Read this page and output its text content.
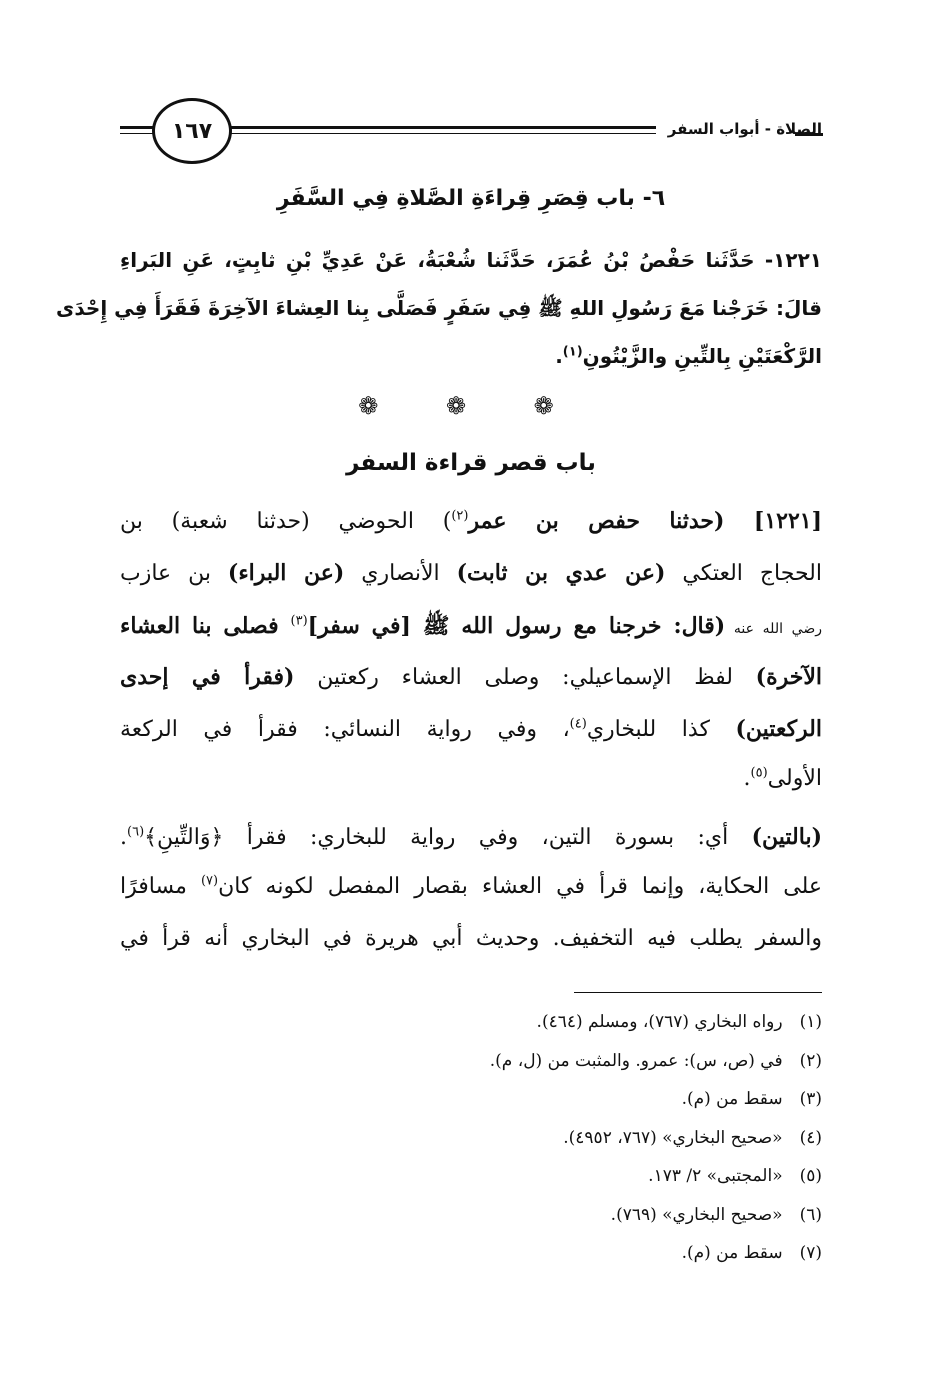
الصلاة - أبواب السفر
١٦٧
٦- باب قِصَرِ قِراءَةِ الصَّلاةِ فِي السَّفَرِ
١٢٢١- حَدَّثَنا حَفْصُ بْنُ عُمَرَ، حَدَّثَنا شُعْبَةُ، عَنْ عَدِيِّ بْنِ ثابِتٍ، عَنِ البَراءِ
قالَ: خَرَجْنا مَعَ رَسُولِ اللهِ ﷺ فِي سَفَرٍ فَصَلَّى بِنا العِشاءَ الآخِرَةَ فَقَرَأَ فِي إِحْدَى
الرَّكْعَتَيْنِ بِالتِّينِ والزَّيْتُونِ$^{(١)}$.
❁ ❁ ❁
باب قصر قراءة السفر
[١٢٢١] (حدثنا حفص بن عمر$^{(٢)}$) الحوضي (حدثنا شعبة) بن
الحجاج العتكي (عن عدي بن ثابت) الأنصاري (عن البراء) بن عازب
رضي الله عنه (قال: خرجنا مع رسول الله ﷺ [في سفر]$^{(٣)}$ فصلى بنا العشاء
الآخرة) لفظ الإسماعيلي: وصلى العشاء ركعتين (فقرأ في إحدى
الركعتين) كذا للبخاري$^{(٤)}$، وفي رواية النسائي: فقرأ في الركعة
الأولى$^{(٥)}$.
(بالتين) أي: بسورة التين، وفي رواية للبخاري: فقرأ ﴿وَالتِّينِ﴾$^{(٦)}$.
على الحكاية، وإنما قرأ في العشاء بقصار المفصل لكونه كان$^{(٧)}$ مسافرًا
والسفر يطلب فيه التخفيف. وحديث أبي هريرة في البخاري أنه قرأ في
(١) رواه البخاري (٧٦٧)، ومسلم (٤٦٤).
(٢) في (ص، س): عمرو. والمثبت من (ل، م).
(٣) سقط من (م).
(٤) «صحيح البخاري» (٧٦٧، ٤٩٥٢).
(٥) «المجتبى» ٢/ ١٧٣.
(٦) «صحيح البخاري» (٧٦٩).
(٧) سقط من (م).
